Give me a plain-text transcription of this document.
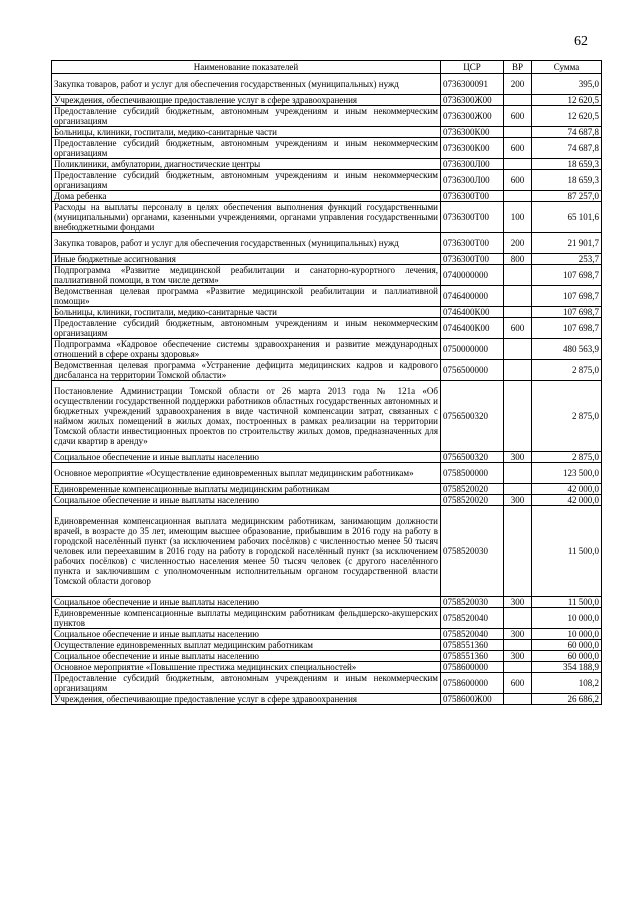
62
Наименование показателей	ЦСР	ВР	Сумма
Закупка товаров, работ и услуг для обеспечения государственных (муниципальных) нужд	0736300091	200	395,0
Учреждения, обеспечивающие предоставление услуг в сфере здравоохранения	0736300Ж00		12 620,5
Предоставление субсидий бюджетным, автономным учреждениям и иным некоммерческим организациям	0736300Ж00	600	12 620,5
Больницы, клиники, госпитали, медико-санитарные части	0736300К00		74 687,8
Предоставление субсидий бюджетным, автономным учреждениям и иным некоммерческим организациям	0736300К00	600	74 687,8
Поликлиники, амбулатории, диагностические центры	0736300Л00		18 659,3
Предоставление субсидий бюджетным, автономным учреждениям и иным некоммерческим организациям	0736300Л00	600	18 659,3
Дома ребенка	0736300Т00		87 257,0
Расходы на выплаты персоналу в целях обеспечения выполнения функций государственными (муниципальными) органами, казенными учреждениями, органами управления государственными внебюджетными фондами	0736300Т00	100	65 101,6
Закупка товаров, работ и услуг для обеспечения государственных (муниципальных) нужд	0736300Т00	200	21 901,7
Иные бюджетные ассигнования	0736300Т00	800	253,7
Подпрограмма «Развитие медицинской реабилитации и санаторно-курортного лечения, паллиативной помощи, в том числе детям»	0740000000		107 698,7
Ведомственная целевая программа «Развитие медицинской реабилитации и паллиативной помощи»	0746400000		107 698,7
Больницы, клиники, госпитали, медико-санитарные части	0746400К00		107 698,7
Предоставление субсидий бюджетным, автономным учреждениям и иным некоммерческим организациям	0746400К00	600	107 698,7
Подпрограмма «Кадровое обеспечение системы здравоохранения и развитие международных отношений в сфере охраны здоровья»	0750000000		480 563,9
Ведомственная целевая программа «Устранение дефицита медицинских кадров и кадрового дисбаланса на территории Томской области»	0756500000		2 875,0
Постановление Администрации Томской области от 26 марта 2013 года № 121а «Об осуществлении государственной поддержки работников областных государственных автономных и бюджетных учреждений здравоохранения в виде частичной компенсации затрат, связанных с наймом жилых помещений в жилых домах, построенных в рамках реализации на территории Томской области инвестиционных проектов по строительству жилых домов, предназначенных для сдачи квартир в аренду»	0756500320		2 875,0
Социальное обеспечение и иные выплаты населению	0756500320	300	2 875,0
Основное мероприятие «Осуществление единовременных выплат медицинским работникам»	0758500000		123 500,0
Единовременные компенсационные выплаты медицинским работникам	0758520020		42 000,0
Социальное обеспечение и иные выплаты населению	0758520020	300	42 000,0
Единовременная компенсационная выплата медицинским работникам, занимающим должности врачей, в возрасте до 35 лет, имеющим высшее образование, прибывшим в 2016 году на работу в городской населённый пункт (за исключением рабочих посёлков) с численностью менее 50 тысяч человек или переехавшим в 2016 году на работу в городской населённый пункт (за исключением рабочих посёлков) с численностью населения менее 50 тысяч человек (с другого населённого пункта и заключившим с уполномоченным исполнительным органом государственной власти Томской области договор	0758520030		11 500,0
Социальное обеспечение и иные выплаты населению	0758520030	300	11 500,0
Единовременные компенсационные выплаты медицинским работникам фельдшерско-акушерских пунктов	0758520040		10 000,0
Социальное обеспечение и иные выплаты населению	0758520040	300	10 000,0
Осуществление единовременных выплат медицинским работникам	0758551360		60 000,0
Социальное обеспечение и иные выплаты населению	0758551360	300	60 000,0
Основное мероприятие «Повышение престижа медицинских специальностей»	0758600000		354 188,9
Предоставление субсидий бюджетным, автономным учреждениям и иным некоммерческим организациям	0758600000	600	108,2
Учреждения, обеспечивающие предоставление услуг в сфере здравоохранения	0758600Ж00		26 686,2
